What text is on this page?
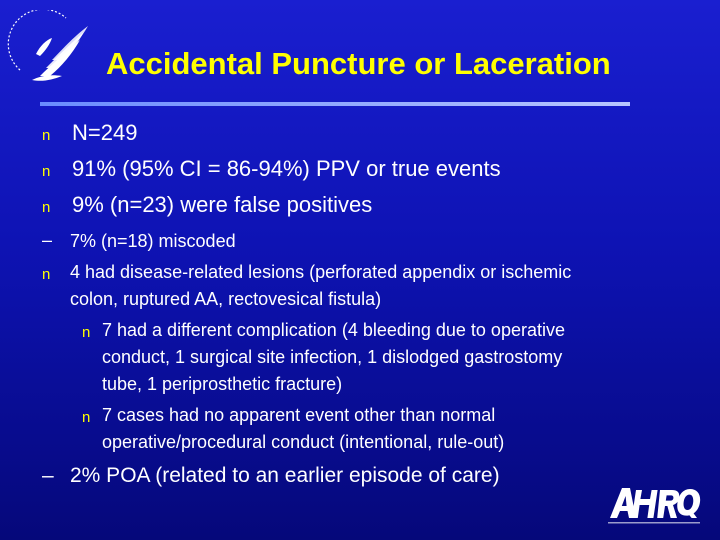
Accidental Puncture or Laceration
n N=249
n 91% (95% CI = 86-94%) PPV or true events
n 9% (n=23) were false positives
– 7% (n=18) miscoded
n 4 had disease-related lesions (perforated appendix or ischemic
colon, ruptured AA, rectovesical fistula)
n 7 had a different complication (4 bleeding due to operative
conduct, 1 surgical site infection, 1 dislodged gastrostomy
tube, 1 periprosthetic fracture)
n 7 cases had no apparent event other than normal
operative/procedural conduct (intentional, rule-out)
– 2% POA (related to an earlier episode of care)
